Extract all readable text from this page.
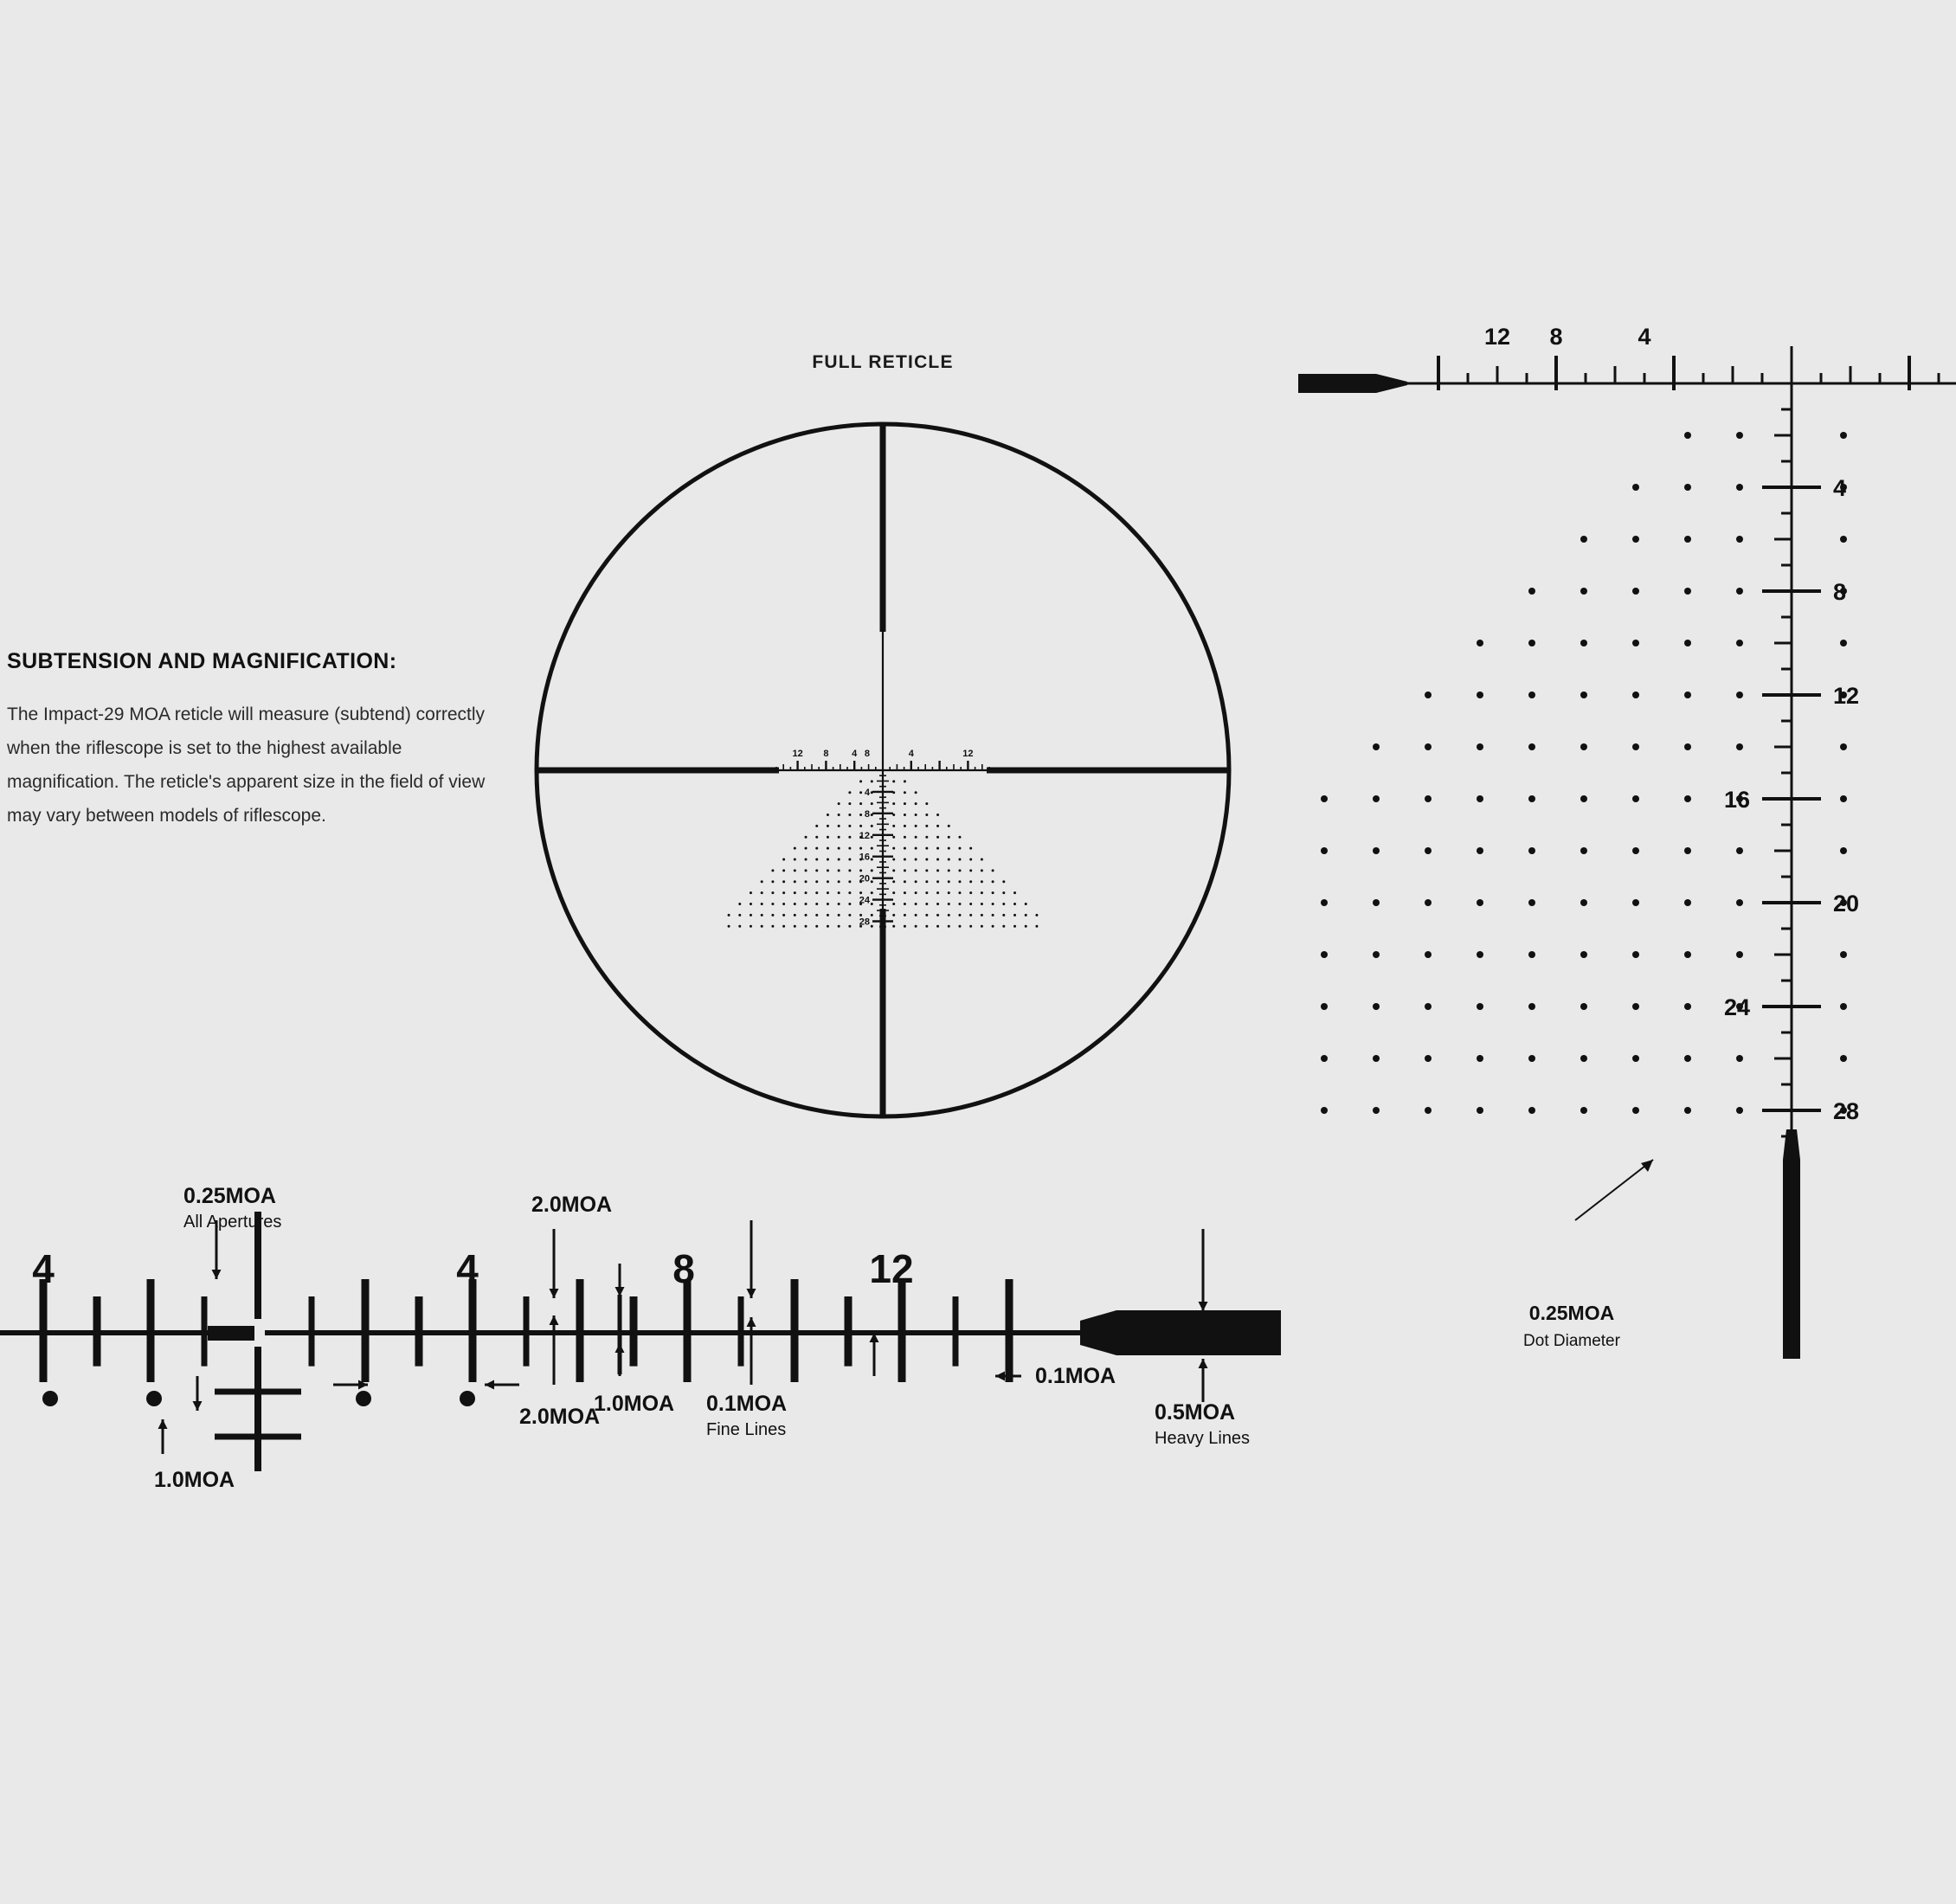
12 8 4	4	12
8
4
8
12
16
20
24
28
FULL RETICLE
SUBTENSION AND MAGNIFICATION:
The Impact-29 MOA reticle will measure (subtend) correctly when the riflescope is set to the highest available magnification. The reticle's apparent size in the field of view may vary between models of riflescope.
12 8	4
4
8
12
16
20
24
28
0.25MOA
Dot Diameter
4	4	8	12
0.25MOA
All Apertures
2.0MOA
1.0MOA
2.0MOA
0.1MOA
Fine Lines
0.1MOA
0.5MOA
Heavy Lines
1.0MOA
